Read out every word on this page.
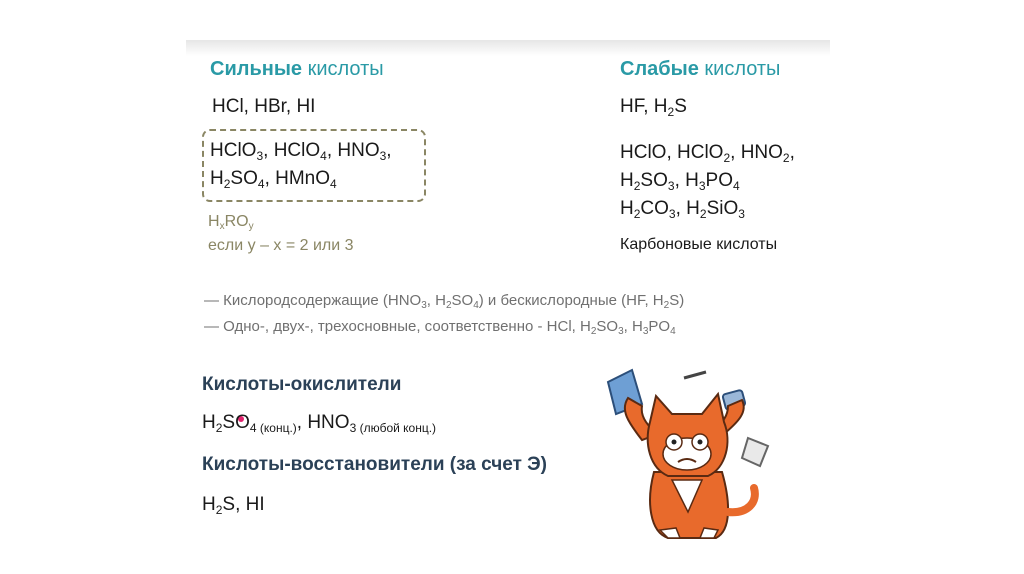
Сильные кислоты
HCl, HBr, HI
HClO$_3$, HClO$_4$, $HNO_3$,
$H_2SO_4$, HMnO$_4$
$H_xRO_y$
если y – x = 2 или 3
Слабые кислоты
HF, $H_2S$
HClO, HClO$_2$, $HNO_2$,
$H_2SO_3$, $H_3PO_4$
$H_2CO_3$, $H_2SiO_3$
Карбоновые кислоты
— Кислородсодержащие ($HNO_3$, $H_2SO_4$) и бескислородные (HF, $H_2S$)
— Одно-, двух-, трехосновные, соответственно - HCl, $H_2SO_3$, $H_3PO_4$
Кислоты-окислители
$H_2SO_{4 (конц.)}$, $HNO_{3 (любой конц.)}$
Кислоты-восстановители (за счет Э)
$H_2S$, HI
